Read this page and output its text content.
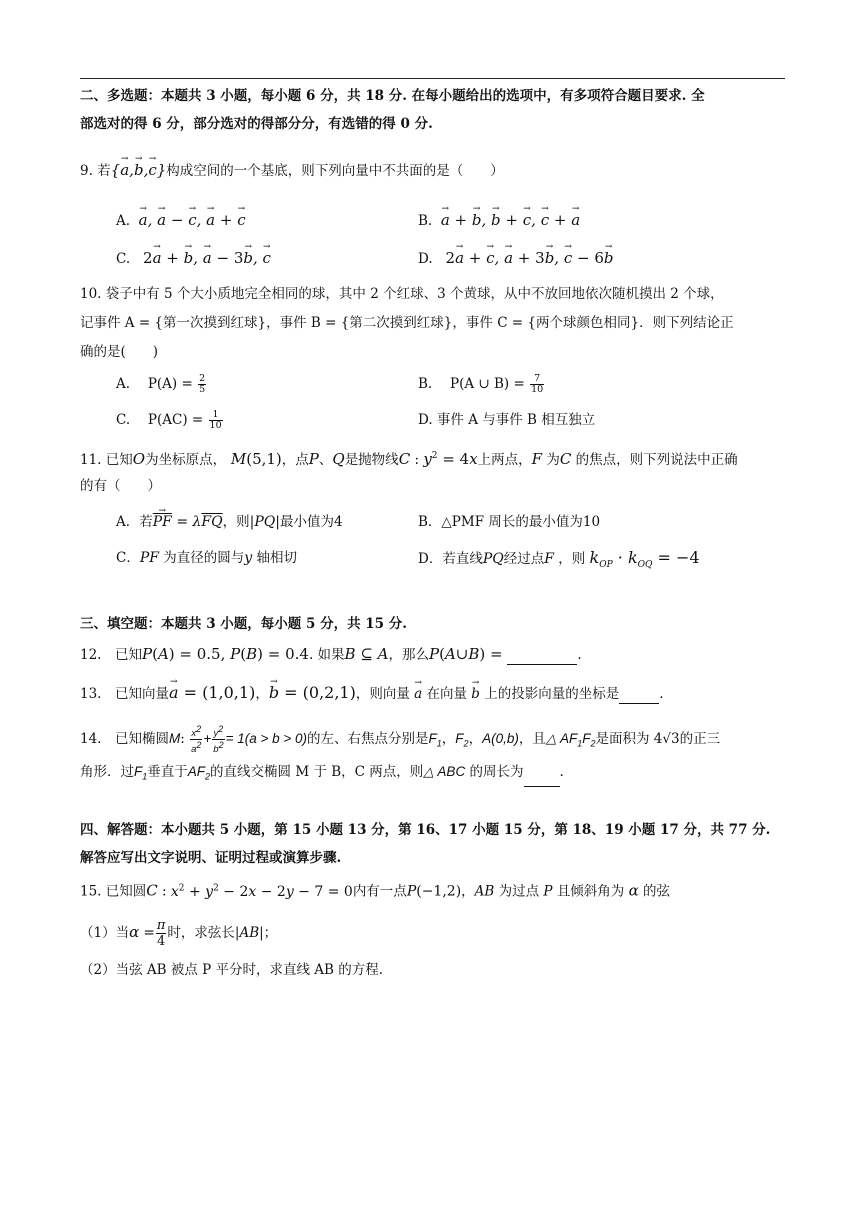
二、多选题：本题共 3 小题，每小题 6 分，共 18 分. 在每小题给出的选项中，有多项符合题目要求. 全
部选对的得 6 分，部分选对的得部分分，有选错的得 0 分.
9. 若{→ a,→ b,→ c}构成空间的一个基底，则下列向量中不共面的是（　　）
A. → a, → a − → c, → a + → c	B. → a + → b, → b + → c, → c + → a
C. 2→ a + → b, → a − 3→ b, → c	D. 2→ a + → c, → a + 3→ b, → c − 6→ b
10. 袋子中有 5 个大小质地完全相同的球，其中 2 个红球、3 个黄球，从中不放回地依次随机摸出 2 个球，
记事件 A = {第一次摸到红球}，事件 B = {第二次摸到红球}，事件 C = {两个球颜色相同}．则下列结论正
确的是(　　)
A.　 $P(A) = \frac{2}{5}$	B.　 P(A ∪ $B) = \frac{7}{10}$
C.　 $P(AC) = \frac{1}{10}$	D. 事件 A 与事件 B 相互独立
11. 已知O为坐标原点， M(5,1)，点P、Q是抛物线C : $y^2 = 4x$上两点，F 为C 的焦点，则下列说法中正确
的有（　　）
A．若→ $\overline{PF} = \lambda\overline{FQ}$，则|PQ|最小值为4	B．△PMF 周长的最小值为10
C．PF 为直径的圆与y 轴相切	D．若直线PQ经过点F ，则 $k_{OP} \cdot k_{OQ} = -4$
三、填空题：本题共 3 小题，每小题 5 分，共 15 分.
12.　已知P(A) = 0.5, P(B) = 0.4. 如果B ⊆ A，那么P(A∪B) =	.
13.　已知向量→ a = (1,0,1)，→ b = (0,2,1)，则向量 → a 在向量 → b 上的投影向量的坐标是	.
14.　已知椭圆M: $\frac{x2}{a2} + \frac{y2}{b2} = 1(a > b > 0)$的左、右焦点分别是$F_1$，$F_2$，A(0,b)，且△ $AF_1F_2$是面积为 4√3的正三
角形．过$F_1$垂直于$AF_2$的直线交椭圆 M 于 B，C 两点，则△ ABC 的周长为	.
四、解答题：本小题共 5 小题，第 15 小题 13 分，第 16、17 小题 15 分，第 18、19 小题 17 分，共 77 分.
解答应写出文字说明、证明过程或演算步骤.
15. 已知圆C : $x^2 + y^2 - 2x - 2y - 7 = 0$内有一点P(−1,2)，AB 为过点 P 且倾斜角为 α 的弦
（1）当$\alpha = \frac{\pi}{4}$ 时，求弦长|AB|；
（2）当弦 AB 被点 P 平分时，求直线 AB 的方程.
